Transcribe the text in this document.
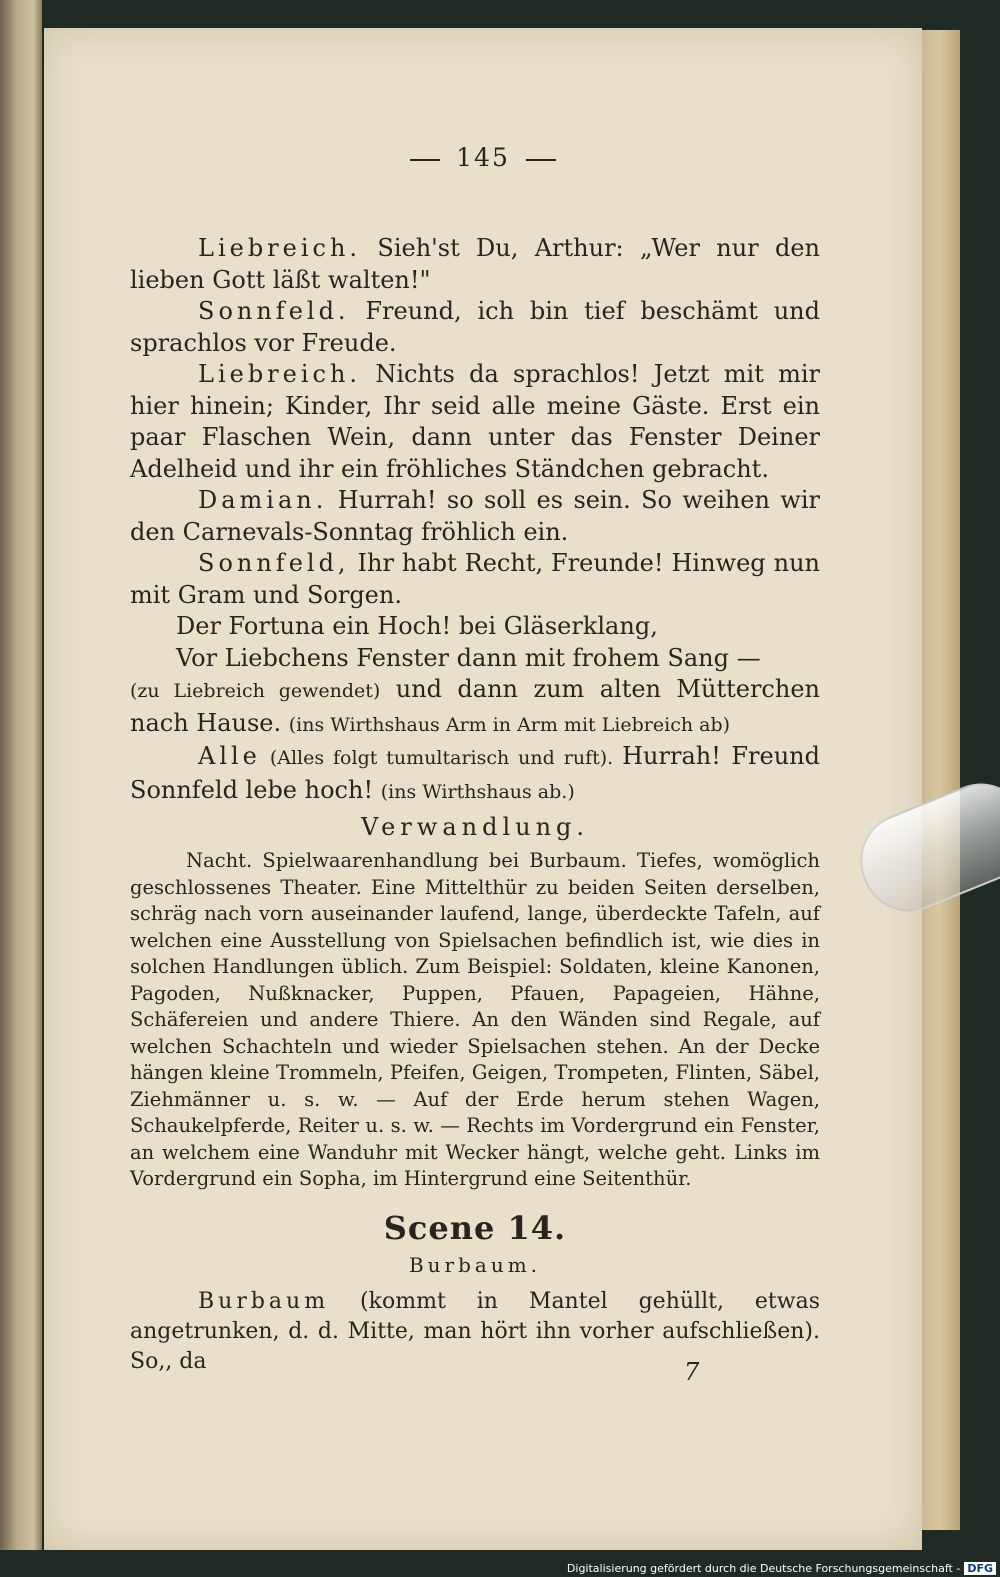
145

Liebreich. Sieh'st Du, Arthur: „Wer nur den lieben Gott läßt walten!"

Sonnfeld. Freund, ich bin tief beschämt und sprachlos vor Freude.

Liebreich. Nichts da sprachlos! Jetzt mit mir hier hinein; Kinder, Ihr seid alle meine Gäste. Erst ein paar Flaschen Wein, dann unter das Fenster Deiner Adelheid und ihr ein fröhliches Ständchen gebracht.

Damian. Hurrah! so soll es sein. So weihen wir den Carnevals-Sonntag fröhlich ein.

Sonnfeld, Ihr habt Recht, Freunde! Hinweg nun mit Gram und Sorgen.

Der Fortuna ein Hoch! bei Gläserklang,

Vor Liebchens Fenster dann mit frohem Sang —

(zu Liebreich gewendet) und dann zum alten Mütterchen nach Hause. (ins Wirthshaus Arm in Arm mit Liebreich ab)

Alle (Alles folgt tumultarisch und ruft). Hurrah! Freund Sonnfeld lebe hoch! (ins Wirthshaus ab.)

Verwandlung.

Nacht. Spielwaarenhandlung bei Burbaum. Tiefes, womöglich geschlossenes Theater. Eine Mittelthür zu beiden Seiten derselben, schräg nach vorn auseinander laufend, lange, überdeckte Tafeln, auf welchen eine Ausstellung von Spielsachen befindlich ist, wie dies in solchen Handlungen üblich. Zum Beispiel: Soldaten, kleine Kanonen, Pagoden, Nußknacker, Puppen, Pfauen, Papageien, Hähne, Schäfereien und andere Thiere. An den Wänden sind Regale, auf welchen Schachteln und wieder Spielsachen stehen. An der Decke hängen kleine Trommeln, Pfeifen, Geigen, Trompeten, Flinten, Säbel, Ziehmänner u. s. w. — Auf der Erde herum stehen Wagen, Schaukelpferde, Reiter u. s. w. — Rechts im Vordergrund ein Fenster, an welchem eine Wanduhr mit Wecker hängt, welche geht. Links im Vordergrund ein Sopha, im Hintergrund eine Seitenthür.

Scene 14.
Burbaum.

Burbaum (kommt in Mantel gehüllt, etwas angetrunken, d. d. Mitte, man hört ihn vorher aufschließen). So,, da	7
Digitalisierung gefördert durch die Deutsche Forschungsgemeinschaft - DFG
